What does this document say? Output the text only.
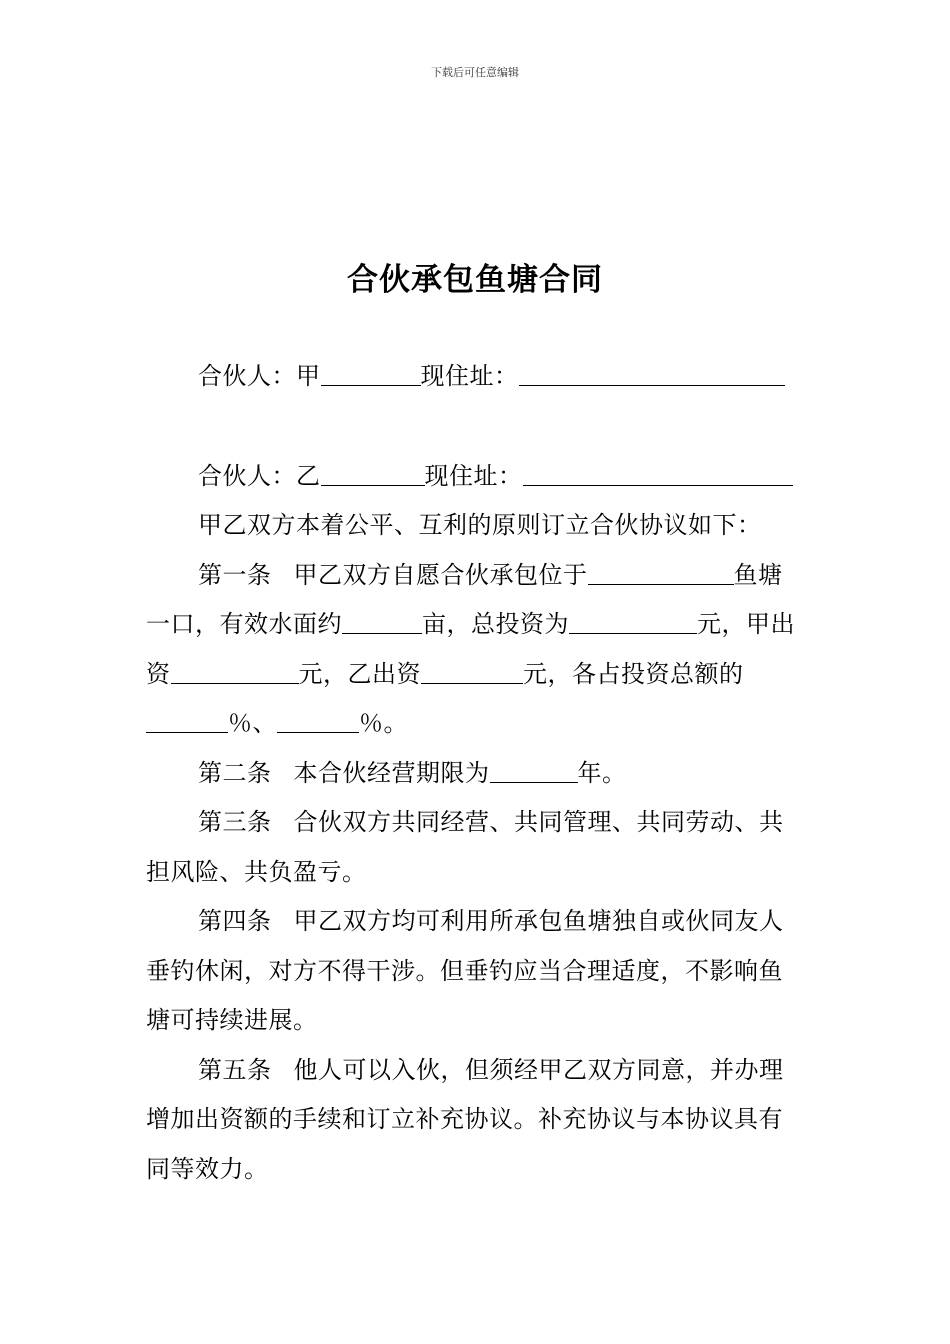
下载后可任意编辑
合伙承包鱼塘合同

合伙人：甲	现住址：

合伙人：乙	现住址：

甲乙双方本着公平、互利的原则订立合伙协议如下：

第一条 甲乙双方自愿合伙承包位于	鱼塘一口，有效水面约	亩，总投资为	元，甲出资	元，乙出资	元，各占投资总额的％、	％。

第二条 本合伙经营期限为	年。

第三条 合伙双方共同经营、共同管理、共同劳动、共担风险、共负盈亏。

第四条 甲乙双方均可利用所承包鱼塘独自或伙同友人垂钓休闲，对方不得干涉。但垂钓应当合理适度，不影响鱼塘可持续进展。

第五条 他人可以入伙，但须经甲乙双方同意，并办理增加出资额的手续和订立补充协议。补充协议与本协议具有同等效力。
